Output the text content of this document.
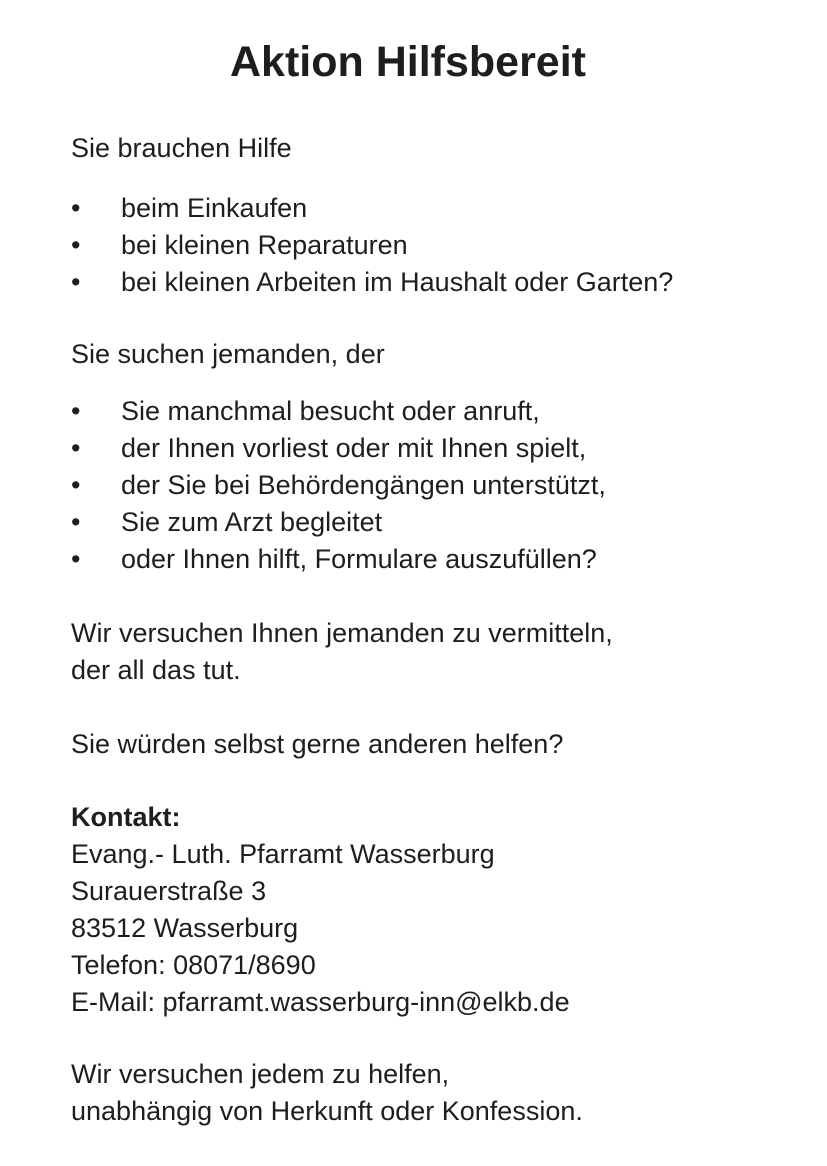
Aktion Hilfsbereit

Sie brauchen Hilfe

•	beim Einkaufen
•	bei kleinen Reparaturen
•	bei kleinen Arbeiten im Haushalt oder Garten?

Sie suchen jemanden, der

•	Sie manchmal besucht oder anruft,
•	der Ihnen vorliest oder mit Ihnen spielt,
•	der Sie bei Behördengängen unterstützt,
•	Sie zum Arzt begleitet
•	oder Ihnen hilft, Formulare auszufüllen?

Wir versuchen Ihnen jemanden zu vermitteln,

der all das tut.

Sie würden selbst gerne anderen helfen?

Kontakt:

Evang.- Luth. Pfarramt Wasserburg

Surauerstraße 3

83512 Wasserburg

Telefon: 08071/8690

E-Mail: pfarramt.wasserburg-inn@elkb.de

Wir versuchen jedem zu helfen,

unabhängig von Herkunft oder Konfession.
